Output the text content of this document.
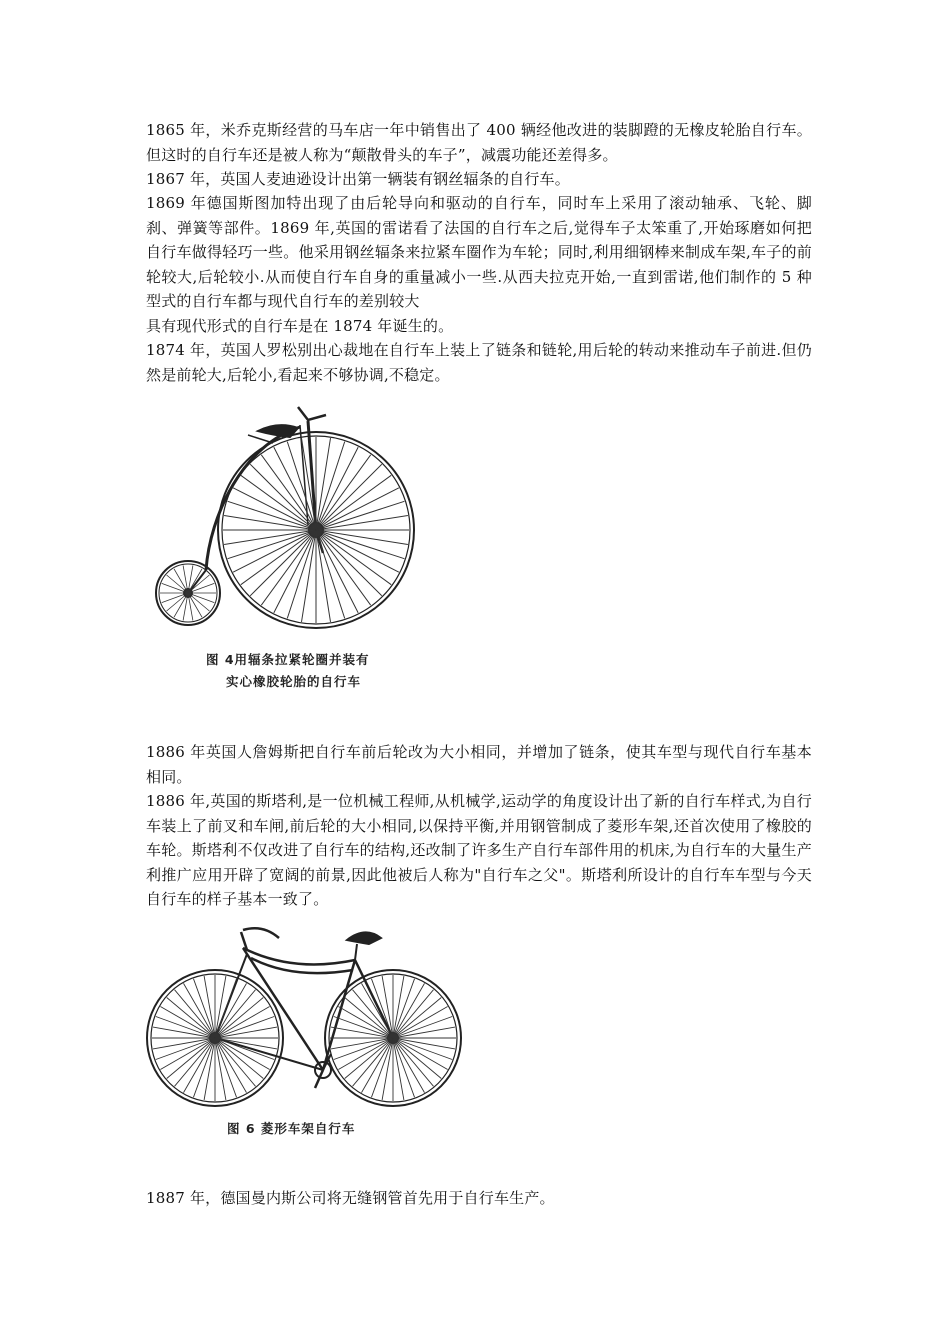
1865 年，米乔克斯经营的马车店一年中销售出了 400 辆经他改进的装脚蹬的无橡皮轮胎自行车。但这时的自行车还是被人称为“颠散骨头的车子”，减震功能还差得多。

1867 年，英国人麦迪逊设计出第一辆装有钢丝辐条的自行车。

1869 年德国斯图加特出现了由后轮导向和驱动的自行车，同时车上采用了滚动轴承、飞轮、脚刹、弹簧等部件。1869 年,英国的雷诺看了法国的自行车之后,觉得车子太笨重了,开始琢磨如何把自行车做得轻巧一些。他采用钢丝辐条来拉紧车圈作为车轮；同时,利用细钢棒来制成车架,车子的前轮较大,后轮较小.从而使自行车自身的重量减小一些.从西夫拉克开始,一直到雷诺,他们制作的 5 种型式的自行车都与现代自行车的差别较大

具有现代形式的自行车是在 1874 年诞生的。

1874 年，英国人罗松别出心裁地在自行车上装上了链条和链轮,用后轮的转动来推动车子前进.但仍然是前轮大,后轮小,看起来不够协调,不稳定。

图 4用辐条拉紧轮圈并装有
实心橡胶轮胎的自行车

1886 年英国人詹姆斯把自行车前后轮改为大小相同，并增加了链条，使其车型与现代自行车基本相同。

1886 年,英国的斯塔利,是一位机械工程师,从机械学,运动学的角度设计出了新的自行车样式,为自行车装上了前叉和车闸,前后轮的大小相同,以保持平衡,并用钢管制成了菱形车架,还首次使用了橡胶的车轮。斯塔利不仅改进了自行车的结构,还改制了许多生产自行车部件用的机床,为自行车的大量生产利推广应用开辟了宽阔的前景,因此他被后人称为"自行车之父"。斯塔利所设计的自行车车型与今天自行车的样子基本一致了。

图 6 菱形车架自行车

1887 年，德国曼内斯公司将无缝钢管首先用于自行车生产。
